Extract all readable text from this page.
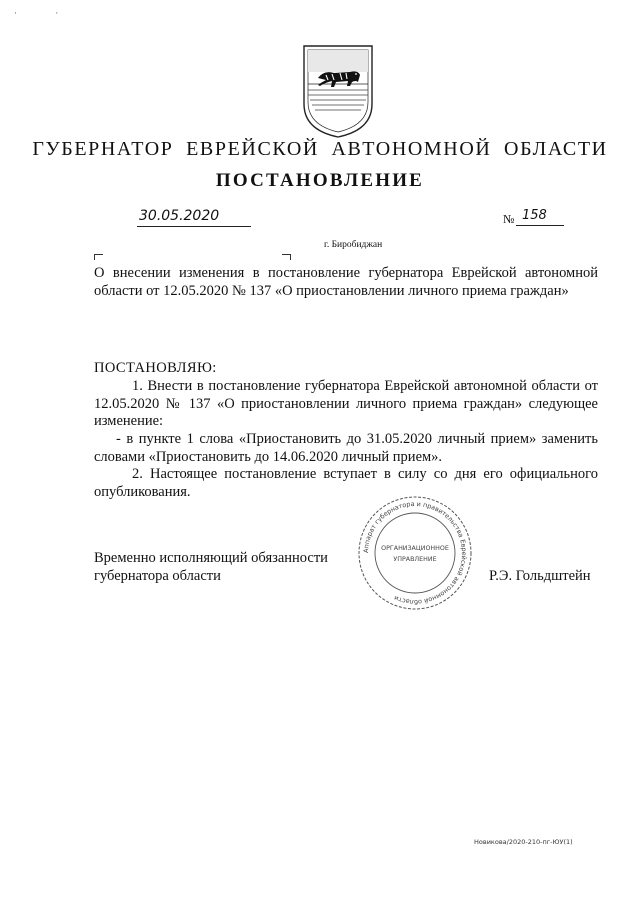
· ·
ГУБЕРНАТОР ЕВРЕЙСКОЙ АВТОНОМНОЙ ОБЛАСТИ
ПОСТАНОВЛЕНИЕ
30.05.2020	№ 158
г. Биробиджан
О внесении изменения в постановление губернатора Еврейской автономной области от 12.05.2020 № 137 «О приостановлении личного приема граждан»
ПОСТАНОВЛЯЮ:
1. Внести в постановление губернатора Еврейской автономной области от 12.05.2020 № 137 «О приостановлении личного приема граждан» следующее изменение:
- в пункте 1 слова «Приостановить до 31.05.2020 личный прием» заменить словами «Приостановить до 14.06.2020 личный прием».
2. Настоящее постановление вступает в силу со дня его официального опубликования.
Временно исполняющий обязанности
губернатора области
Аппарат губернатора и правительства Еврейской автономной области
ОРГАНИЗАЦИОННОЕ
УПРАВЛЕНИЕ
Р.Э. Гольдштейн
Новикова/2020-210-пг-ЮУ(1)
